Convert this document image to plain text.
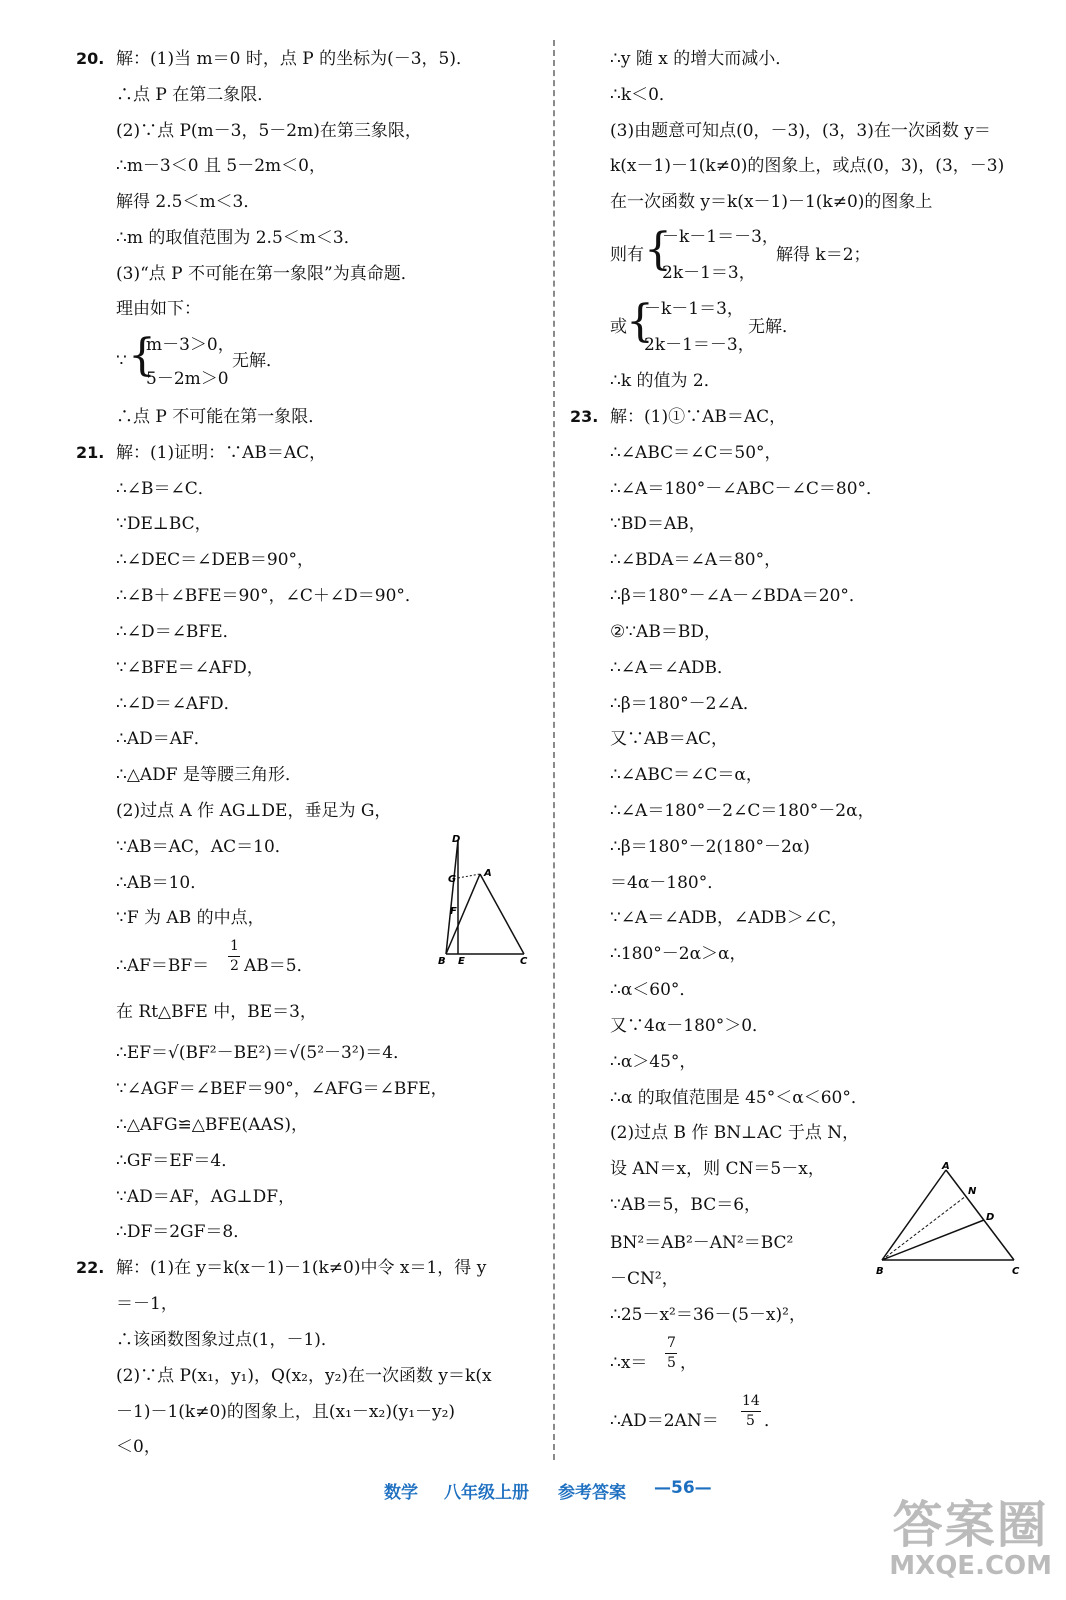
20. 解：(1)当 m＝0 时，点 P 的坐标为(－3，5)．
∴点 P 在第二象限．
(2)∵点 P(m－3，5－2m)在第三象限，
∴m－3＜0 且 5－2m＜0，
解得 2.5＜m＜3．
∴m 的取值范围为 2.5＜m＜3．
(3)“点 P 不可能在第一象限”为真命题．
理由如下：
∵ {
m－3＞0，
5－2m＞0
无解．
∴点 P 不可能在第一象限．
21. 解：(1)证明：∵AB＝AC，
∴∠B＝∠C．
∵DE⊥BC，
∴∠DEC＝∠DEB＝90°，
∴∠B＋∠BFE＝90°，∠C＋∠D＝90°．
∴∠D＝∠BFE．
∵∠BFE＝∠AFD，
∴∠D＝∠AFD．
∴AD＝AF．
∴△ADF 是等腰三角形．
(2)过点 A 作 AG⊥DE，垂足为 G，
∵AB＝AC，AC＝10．
∴AB＝10．
∵F 为 AB 的中点，
∴AF＝BF＝
1
2 AB＝5．
在 Rt△BFE 中，BE＝3，
∴EF＝√(BF²－BE²)＝√(5²－3²)＝4．
∵∠AGF＝∠BEF＝90°，∠AFG＝∠BFE，
∴△AFG≌△BFE(AAS)，
∴GF＝EF＝4．
∵AD＝AF，AG⊥DF，
∴DF＝2GF＝8．
D
G
A
F
B E	C
22. 解：(1)在 y＝k(x－1)－1(k≠0)中令 x＝1，得 y
＝－1，
∴该函数图象过点(1，－1)．
(2)∵点 P(x₁，y₁)，Q(x₂，y₂)在一次函数 y＝k(x
－1)－1(k≠0)的图象上，且(x₁－x₂)(y₁－y₂)
＜0，
∴y 随 x 的增大而减小．
∴k＜0．
(3)由题意可知点(0，－3)，(3，3)在一次函数 y＝
k(x－1)－1(k≠0)的图象上，或点(0，3)，(3，－3)
在一次函数 y＝k(x－1)－1(k≠0)的图象上
则有 {
－k－1＝－3，
2k－1＝3，
解得 k＝2；
或 {
－k－1＝3，
2k－1＝－3，
无解．
∴k 的值为 2．
23. 解：(1)①∵AB＝AC，
∴∠ABC＝∠C＝50°，
∴∠A＝180°－∠ABC－∠C＝80°．
∵BD＝AB，
∴∠BDA＝∠A＝80°，
∴β＝180°－∠A－∠BDA＝20°．
②∵AB＝BD，
∴∠A＝∠ADB．
∴β＝180°－2∠A．
又∵AB＝AC，
∴∠ABC＝∠C＝α，
∴∠A＝180°－2∠C＝180°－2α，
∴β＝180°－2(180°－2α)
＝4α－180°．
∵∠A＝∠ADB，∠ADB＞∠C，
∴180°－2α＞α，
∴α＜60°．
又∵4α－180°＞0．
∴α＞45°，
∴α 的取值范围是 45°＜α＜60°．
(2)过点 B 作 BN⊥AC 于点 N，
设 AN＝x，则 CN＝5－x，
∵AB＝5，BC＝6，
BN²＝AB²－AN²＝BC²
－CN²，
∴25－x²＝36－(5－x)²，
∴x＝
7
5 ，
∴AD＝2AN＝
14
5 ．
A
N
D
B	C
数学 八年级上册 参考答案 —56—
答案圈
MXQE.COM
